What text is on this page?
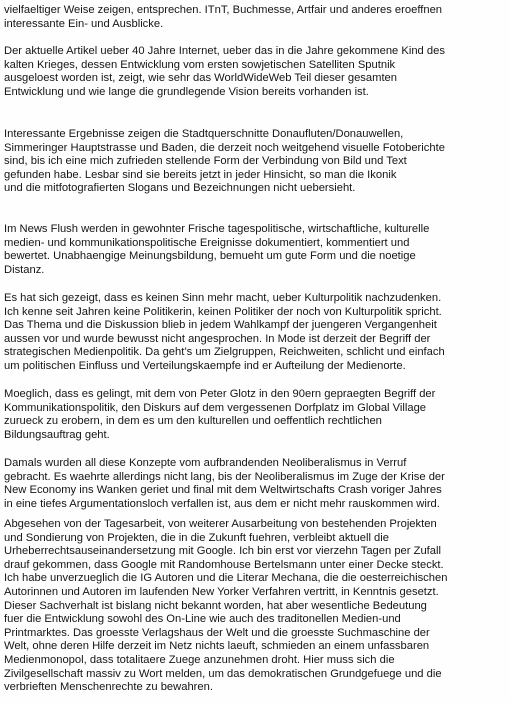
vielfaeltiger Weise zeigen, entsprechen. ITnT, Buchmesse, Artfair und anderes eroeffnen
interessante Ein- und Ausblicke.
Der aktuelle Artikel ueber 40 Jahre Internet, ueber das in die Jahre gekommene Kind des
kalten Krieges, dessen Entwicklung vom ersten sowjetischen Satelliten Sputnik
ausgeloest worden ist, zeigt, wie sehr das WorldWideWeb Teil dieser gesamten
Entwicklung und wie lange die grundlegende Vision bereits vorhanden ist.
Interessante Ergebnisse zeigen die Stadtquerschnitte Donaufluten/Donauwellen,
Simmeringer Hauptstrasse und Baden, die derzeit noch weitgehend visuelle Fotoberichte
sind, bis ich eine mich zufrieden stellende Form der Verbindung von Bild und Text
gefunden habe. Lesbar sind sie bereits jetzt in jeder Hinsicht, so man die Ikonik
und die mitfotografierten Slogans und Bezeichnungen nicht uebersieht.
Im News Flush werden in gewohnter Frische tagespolitische, wirtschaftliche, kulturelle
medien- und kommunikationspolitische Ereignisse dokumentiert, kommentiert und
bewertet. Unabhaengige Meinungsbildung, bemueht um gute Form und die noetige
Distanz.
Es hat sich gezeigt, dass es keinen Sinn mehr macht, ueber Kulturpolitik nachzudenken.
Ich kenne seit Jahren keine Politikerin, keinen Politiker der noch von Kulturpolitik spricht.
Das Thema und die Diskussion blieb in jedem Wahlkampf der juengeren Vergangenheit
aussen vor und wurde bewusst nicht angesprochen. In Mode ist derzeit der Begriff der
strategischen Medienpolitik. Da geht’s um Zielgruppen, Reichweiten, schlicht und einfach
um politischen Einfluss und Verteilungskaempfe ind er Aufteilung der Medienorte.
Moeglich, dass es gelingt, mit dem von Peter Glotz in den 90ern gepraegten Begriff der
Kommunikationspolitik, den Diskurs auf dem vergessenen Dorfplatz im Global Village
zurueck zu erobern, in dem es um den kulturellen und oeffentlich rechtlichen
Bildungsauftrag geht.
Damals wurden all diese Konzepte vom aufbrandenden Neoliberalismus in Verruf
gebracht. Es waehrte allerdings nicht lang, bis der Neoliberalismus im Zuge der Krise der
New Economy ins Wanken geriet und final mit dem Weltwirtschafts Crash voriger Jahres
in eine tiefes Argumentationsloch verfallen ist, aus dem er nicht mehr rauskommen wird.
Abgesehen von der Tagesarbeit, von weiterer Ausarbeitung von bestehenden Projekten
und Sondierung von Projekten, die in die Zukunft fuehren, verbleibt aktuell die
Urheberrechtsauseinandersetzung mit Google. Ich bin erst vor vierzehn Tagen per Zufall
drauf gekommen, dass Google mit Randomhouse Bertelsmann unter einer Decke steckt.
Ich habe unverzueglich die IG Autoren und die Literar Mechana, die die oesterreichischen
Autorinnen und Autoren im laufenden New Yorker Verfahren vertritt, in Kenntnis gesetzt.
Dieser Sachverhalt ist bislang nicht bekannt worden, hat aber wesentliche Bedeutung
fuer die Entwicklung sowohl des On-Line wie auch des traditonellen Medien-und
Printmarktes. Das groesste Verlagshaus der Welt und die groesste Suchmaschine der
Welt, ohne deren Hilfe derzeit im Netz nichts laeuft, schmieden an einem unfassbaren
Medienmonopol, dass totalitaere Zuege anzunehmen droht. Hier muss sich die
Zivilgesellschaft massiv zu Wort melden, um das demokratischen Grundgefuege und die
verbrieften Menschenrechte zu bewahren.
